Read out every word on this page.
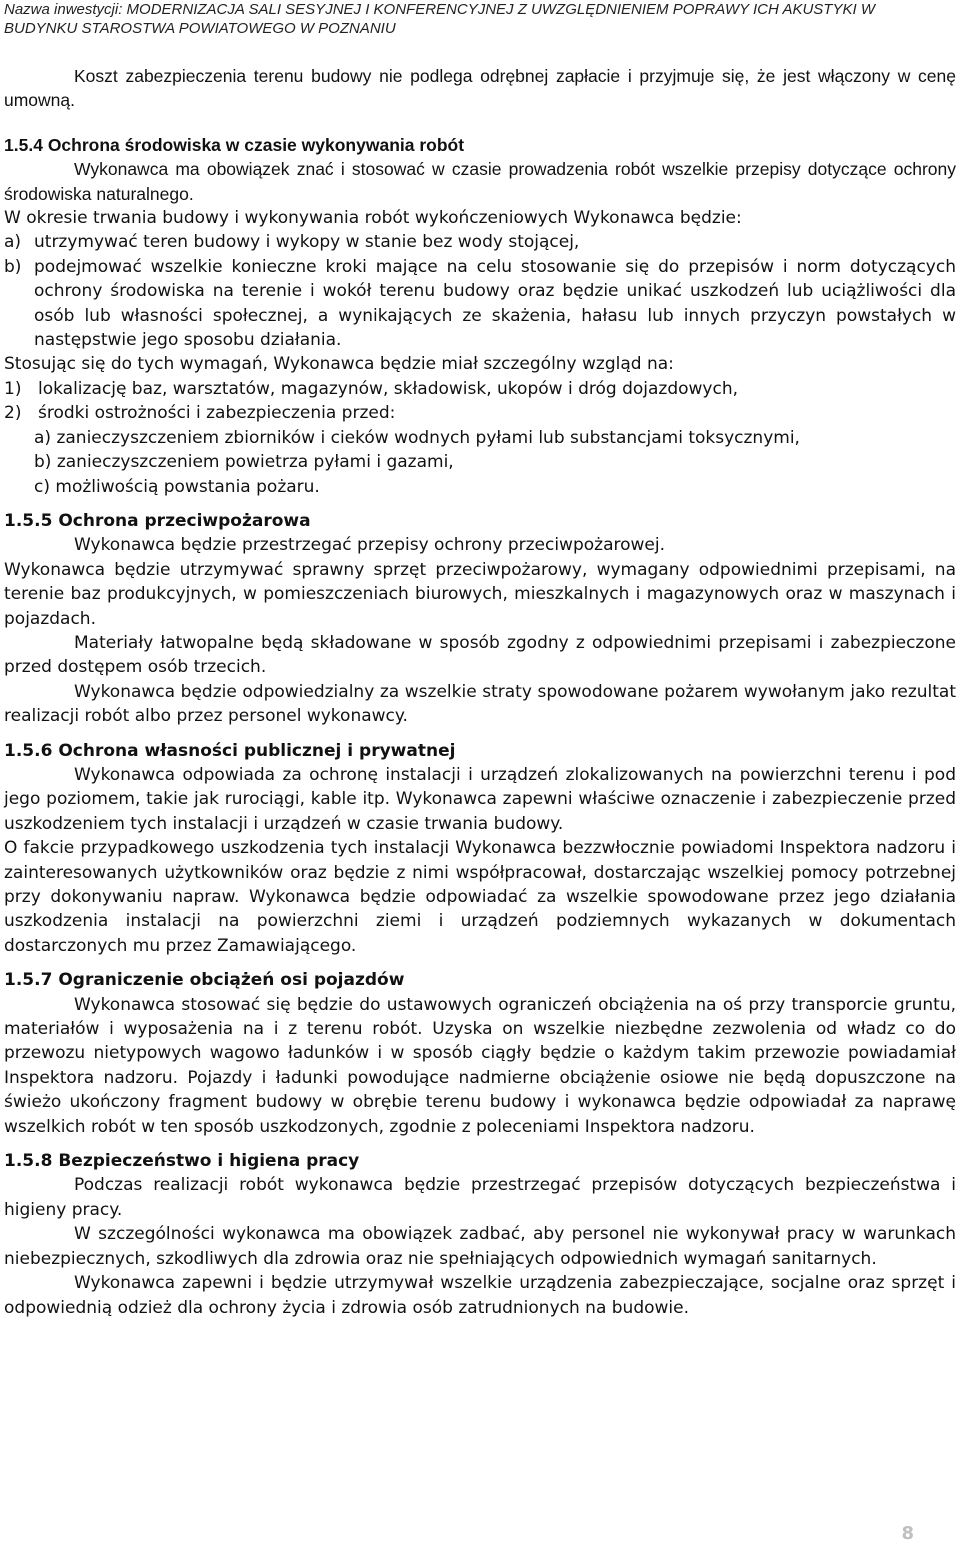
Nazwa inwestycji: MODERNIZACJA SALI SESYJNEJ I KONFERENCYJNEJ Z UWZGLĘDNIENIEM POPRAWY ICH AKUSTYKI W
BUDYNKU STAROSTWA POWIATOWEGO W POZNANIU

Koszt zabezpieczenia terenu budowy nie podlega odrębnej zapłacie i przyjmuje się, że jest włączony w cenę umowną.

1.5.4 Ochrona środowiska w czasie wykonywania robót

Wykonawca ma obowiązek znać i stosować w czasie prowadzenia robót wszelkie przepisy dotyczące ochrony środowiska naturalnego.

W okresie trwania budowy i wykonywania robót wykończeniowych Wykonawca będzie:

a) utrzymywać teren budowy i wykopy w stanie bez wody stojącej,

b) podejmować wszelkie konieczne kroki mające na celu stosowanie się do przepisów i norm dotyczących ochrony środowiska na terenie i wokół terenu budowy oraz będzie unikać uszkodzeń lub uciążliwości dla osób lub własności społecznej, a wynikających ze skażenia, hałasu lub innych przyczyn powstałych w następstwie jego sposobu działania.

Stosując się do tych wymagań, Wykonawca będzie miał szczególny wzgląd na:

1) lokalizację baz, warsztatów, magazynów, składowisk, ukopów i dróg dojazdowych,

2) środki ostrożności i zabezpieczenia przed:

a) zanieczyszczeniem zbiorników i cieków wodnych pyłami lub substancjami toksycznymi,

b) zanieczyszczeniem powietrza pyłami i gazami,

c) możliwością powstania pożaru.

1.5.5 Ochrona przeciwpożarowa

Wykonawca będzie przestrzegać przepisy ochrony przeciwpożarowej.

Wykonawca będzie utrzymywać sprawny sprzęt przeciwpożarowy, wymagany odpowiednimi przepisami, na terenie baz produkcyjnych, w pomieszczeniach biurowych, mieszkalnych i magazynowych oraz w maszynach i pojazdach.

Materiały łatwopalne będą składowane w sposób zgodny z odpowiednimi przepisami i zabezpieczone przed dostępem osób trzecich.

Wykonawca będzie odpowiedzialny za wszelkie straty spowodowane pożarem wywołanym jako rezultat realizacji robót albo przez personel wykonawcy.

1.5.6 Ochrona własności publicznej i prywatnej

Wykonawca odpowiada za ochronę instalacji i urządzeń zlokalizowanych na powierzchni terenu i pod jego poziomem, takie jak rurociągi, kable itp. Wykonawca zapewni właściwe oznaczenie i zabezpieczenie przed uszkodzeniem tych instalacji i urządzeń w czasie trwania budowy.

O fakcie przypadkowego uszkodzenia tych instalacji Wykonawca bezzwłocznie powiadomi Inspektora nadzoru i zainteresowanych użytkowników oraz będzie z nimi współpracował, dostarczając wszelkiej pomocy potrzebnej przy dokonywaniu napraw. Wykonawca będzie odpowiadać za wszelkie spowodowane przez jego działania uszkodzenia instalacji na powierzchni ziemi i urządzeń podziemnych wykazanych w dokumentach dostarczonych mu przez Zamawiającego.

1.5.7 Ograniczenie obciążeń osi pojazdów

Wykonawca stosować się będzie do ustawowych ograniczeń obciążenia na oś przy transporcie gruntu, materiałów i wyposażenia na i z terenu robót. Uzyska on wszelkie niezbędne zezwolenia od władz co do przewozu nietypowych wagowo ładunków i w sposób ciągły będzie o każdym takim przewozie powiadamiał Inspektora nadzoru. Pojazdy i ładunki powodujące nadmierne obciążenie osiowe nie będą dopuszczone na świeżo ukończony fragment budowy w obrębie terenu budowy i wykonawca będzie odpowiadał za naprawę wszelkich robót w ten sposób uszkodzonych, zgodnie z poleceniami Inspektora nadzoru.

1.5.8 Bezpieczeństwo i higiena pracy

Podczas realizacji robót wykonawca będzie przestrzegać przepisów dotyczących bezpieczeństwa i higieny pracy.

W szczególności wykonawca ma obowiązek zadbać, aby personel nie wykonywał pracy w warunkach niebezpiecznych, szkodliwych dla zdrowia oraz nie spełniających odpowiednich wymagań sanitarnych.

Wykonawca zapewni i będzie utrzymywał wszelkie urządzenia zabezpieczające, socjalne oraz sprzęt i odpowiednią odzież dla ochrony życia i zdrowia osób zatrudnionych na budowie.

8
